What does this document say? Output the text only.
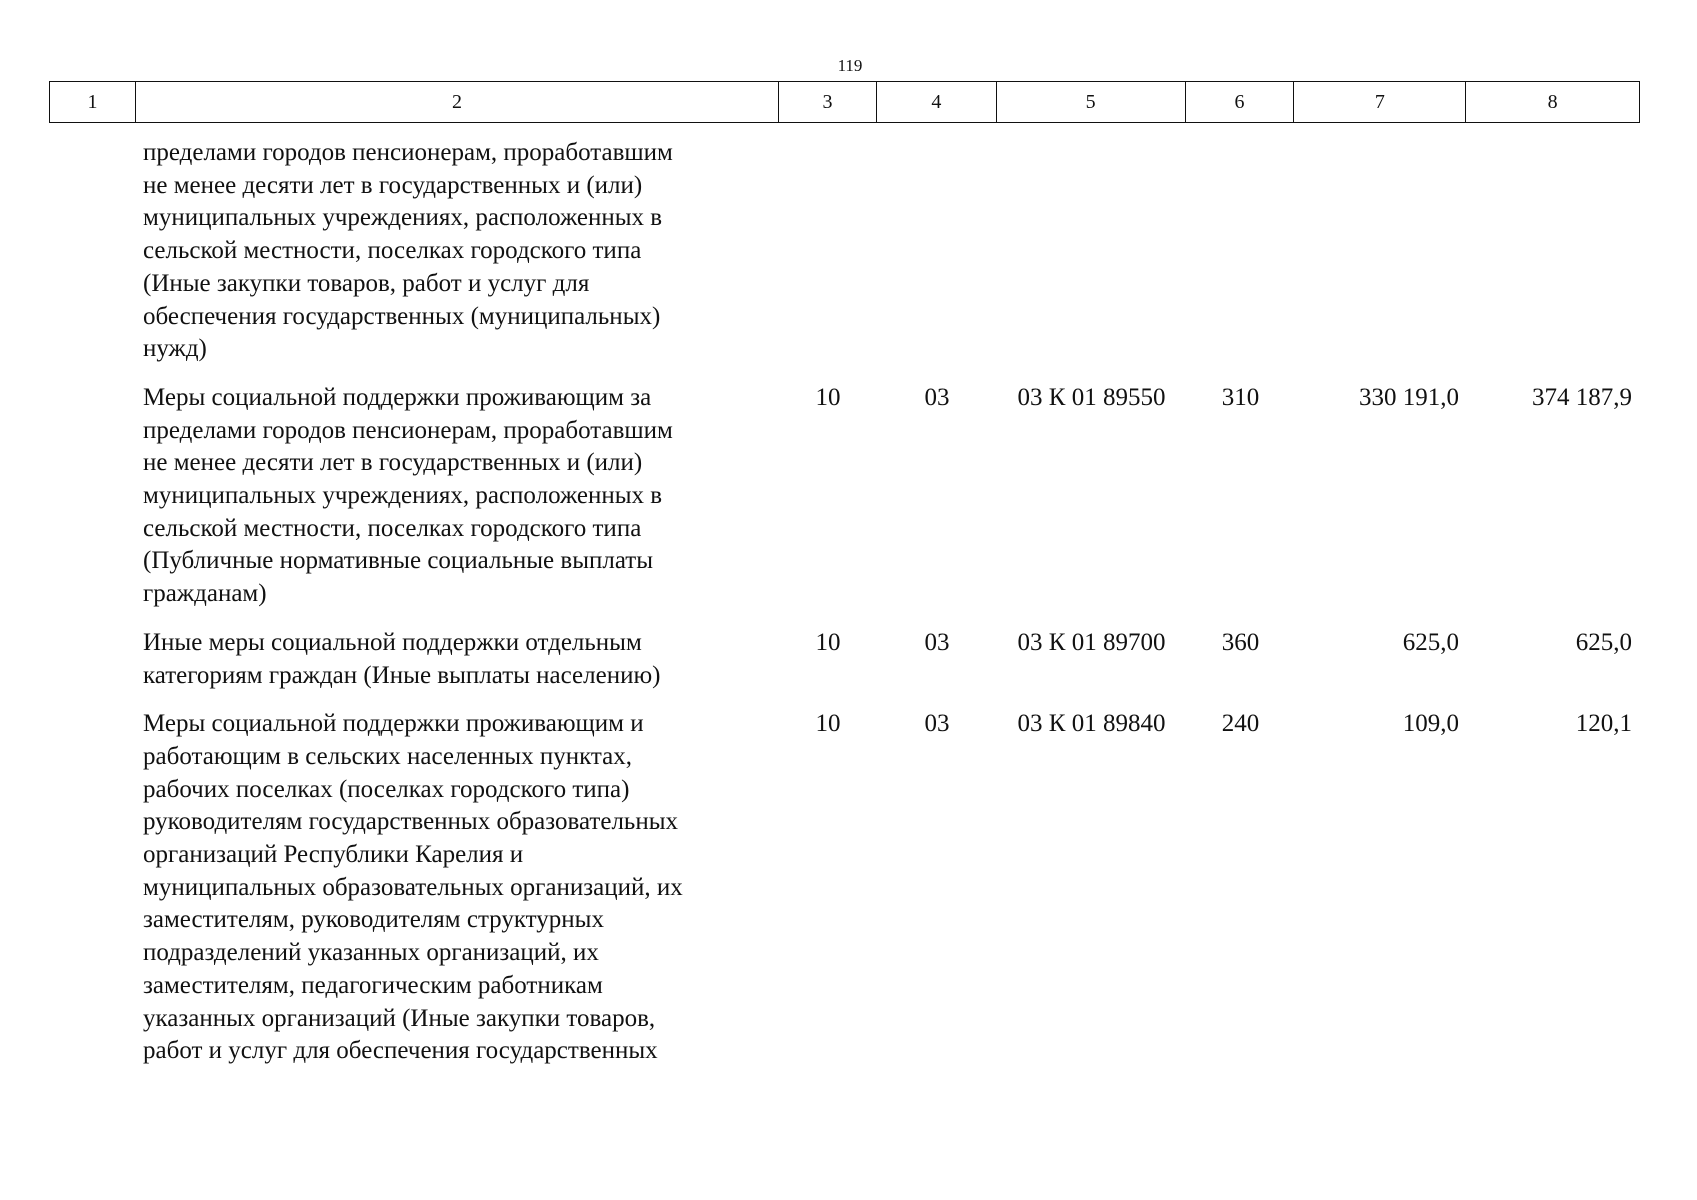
119
1	2	3	4	5	6	7	8
пределами городов пенсионерам, проработавшим
не менее десяти лет в государственных и (или)
муниципальных учреждениях, расположенных в
сельской местности, поселках городского типа
(Иные закупки товаров, работ и услуг для
обеспечения государственных (муниципальных)
нужд)
Меры социальной поддержки проживающим за
пределами городов пенсионерам, проработавшим
не менее десяти лет в государственных и (или)
муниципальных учреждениях, расположенных в
сельской местности, поселках городского типа
(Публичные нормативные социальные выплаты
гражданам)
10	03	03 К 01 89550	310	330 191,0	374 187,9
Иные меры социальной поддержки отдельным
категориям граждан (Иные выплаты населению)
10	03	03 К 01 89700	360	625,0	625,0
Меры социальной поддержки проживающим и
работающим в сельских населенных пунктах,
рабочих поселках (поселках городского типа)
руководителям государственных образовательных
организаций Республики Карелия и
муниципальных образовательных организаций, их
заместителям, руководителям структурных
подразделений указанных организаций, их
заместителям, педагогическим работникам
указанных организаций (Иные закупки товаров,
работ и услуг для обеспечения государственных
10	03	03 К 01 89840	240	109,0	120,1
